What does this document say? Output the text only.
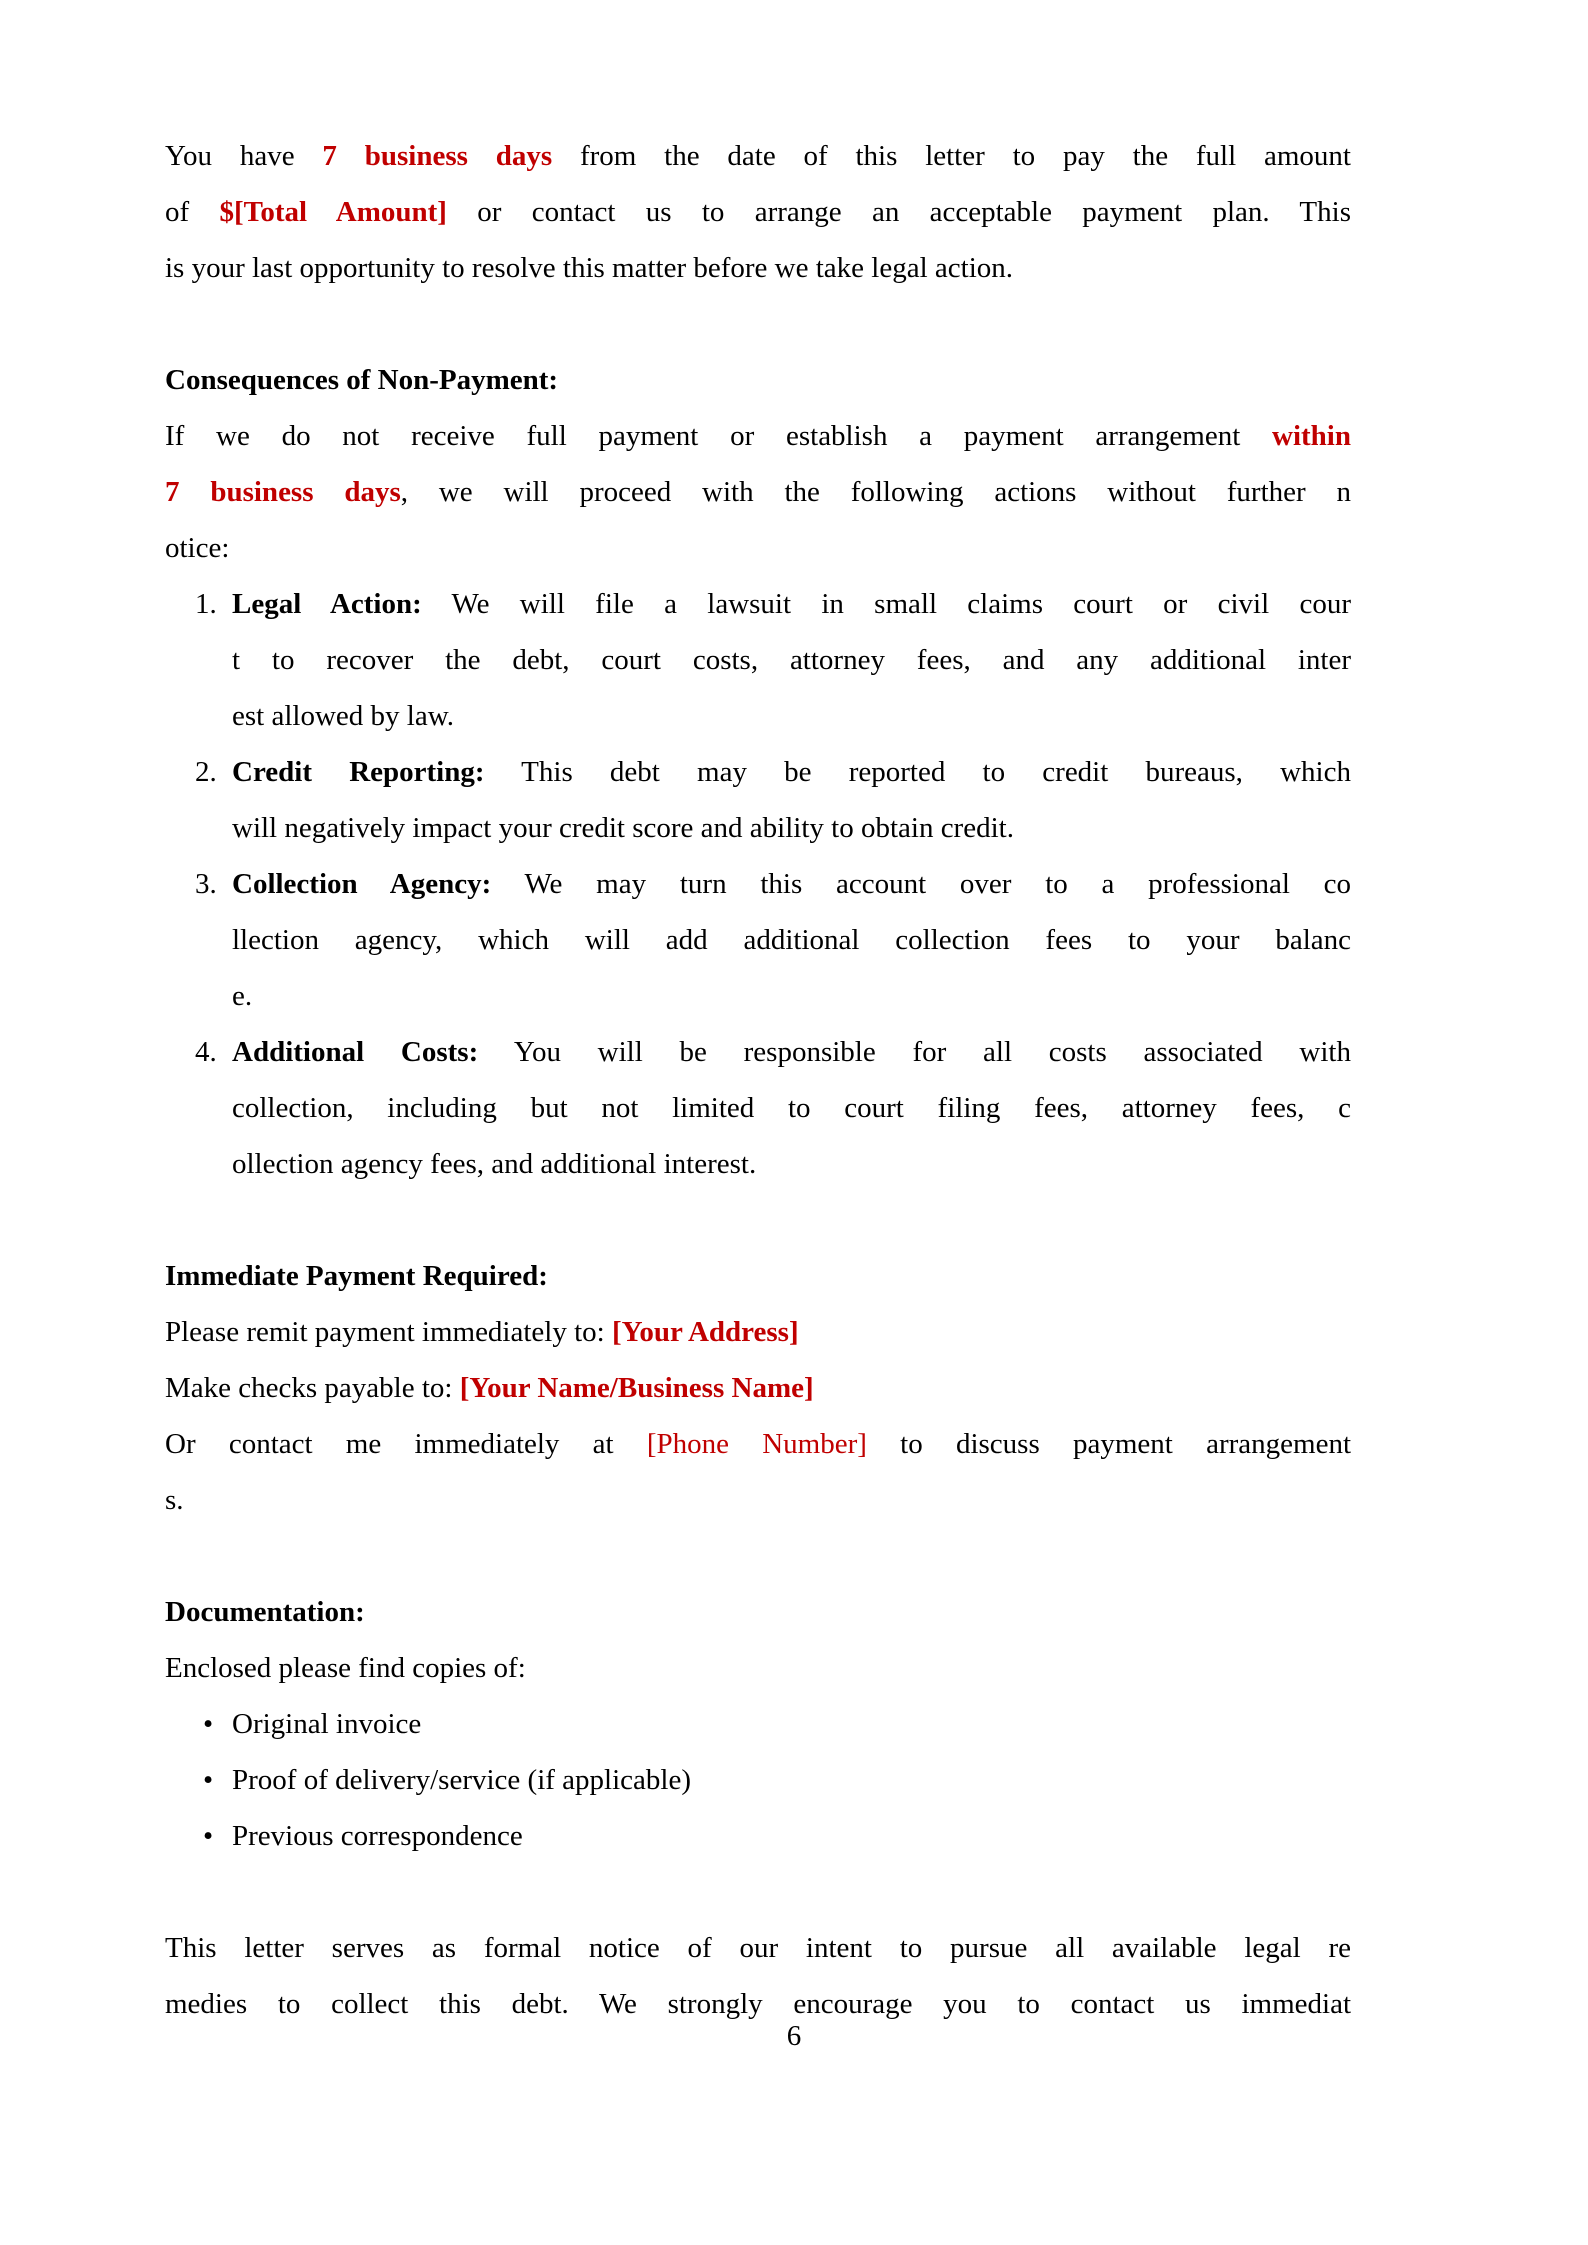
You have 7 business days from the date of this letter to pay the full amount
of $[Total Amount] or contact us to arrange an acceptable payment plan. This
is your last opportunity to resolve this matter before we take legal action.
Consequences of Non-Payment:
If we do not receive full payment or establish a payment arrangement within
7 business days, we will proceed with the following actions without further n
otice:
1. Legal Action: We will file a lawsuit in small claims court or civil cour
t to recover the debt, court costs, attorney fees, and any additional inter
est allowed by law.
2. Credit Reporting: This debt may be reported to credit bureaus, which
will negatively impact your credit score and ability to obtain credit.
3. Collection Agency: We may turn this account over to a professional co
llection agency, which will add additional collection fees to your balanc
e.
4. Additional Costs: You will be responsible for all costs associated with
collection, including but not limited to court filing fees, attorney fees, c
ollection agency fees, and additional interest.
Immediate Payment Required:
Please remit payment immediately to: [Your Address]
Make checks payable to: [Your Name/Business Name]
Or contact me immediately at [Phone Number] to discuss payment arrangement
s.
Documentation:
Enclosed please find copies of:
• Original invoice
• Proof of delivery/service (if applicable)
• Previous correspondence
This letter serves as formal notice of our intent to pursue all available legal re
medies to collect this debt. We strongly encourage you to contact us immediat
6
